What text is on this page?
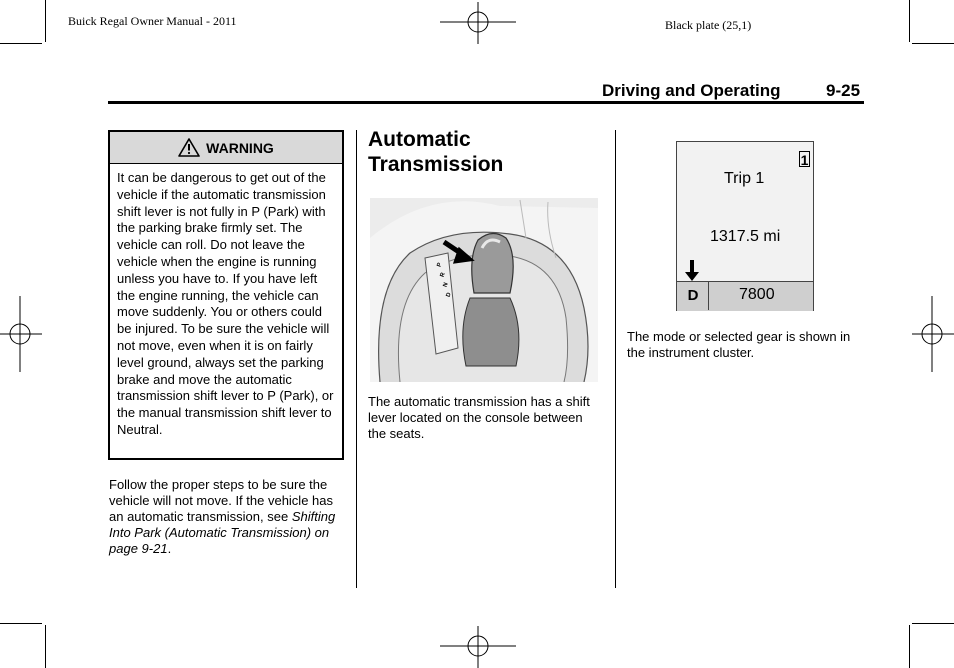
Buick Regal Owner Manual - 2011	Black plate (25,1)
Driving and Operating	9-25
WARNING
It can be dangerous to get out of the vehicle if the automatic transmission shift lever is not fully in P (Park) with the parking brake firmly set. The vehicle can roll. Do not leave the vehicle when the engine is running unless you have to. If you have left the engine running, the vehicle can move suddenly. You or others could be injured. To be sure the vehicle will not move, even when it is on fairly level ground, always set the parking brake and move the automatic transmission shift lever to P (Park), or the manual transmission shift lever to Neutral.
Follow the proper steps to be sure the vehicle will not move. If the vehicle has an automatic transmission, see Shifting Into Park (Automatic Transmission) on page 9-21.
Automatic
Transmission
P
R
N
D
The automatic transmission has a shift lever located on the console between the seats.
1
Trip 1
1317.5 mi
D	7800
The mode or selected gear is shown in the instrument cluster.
